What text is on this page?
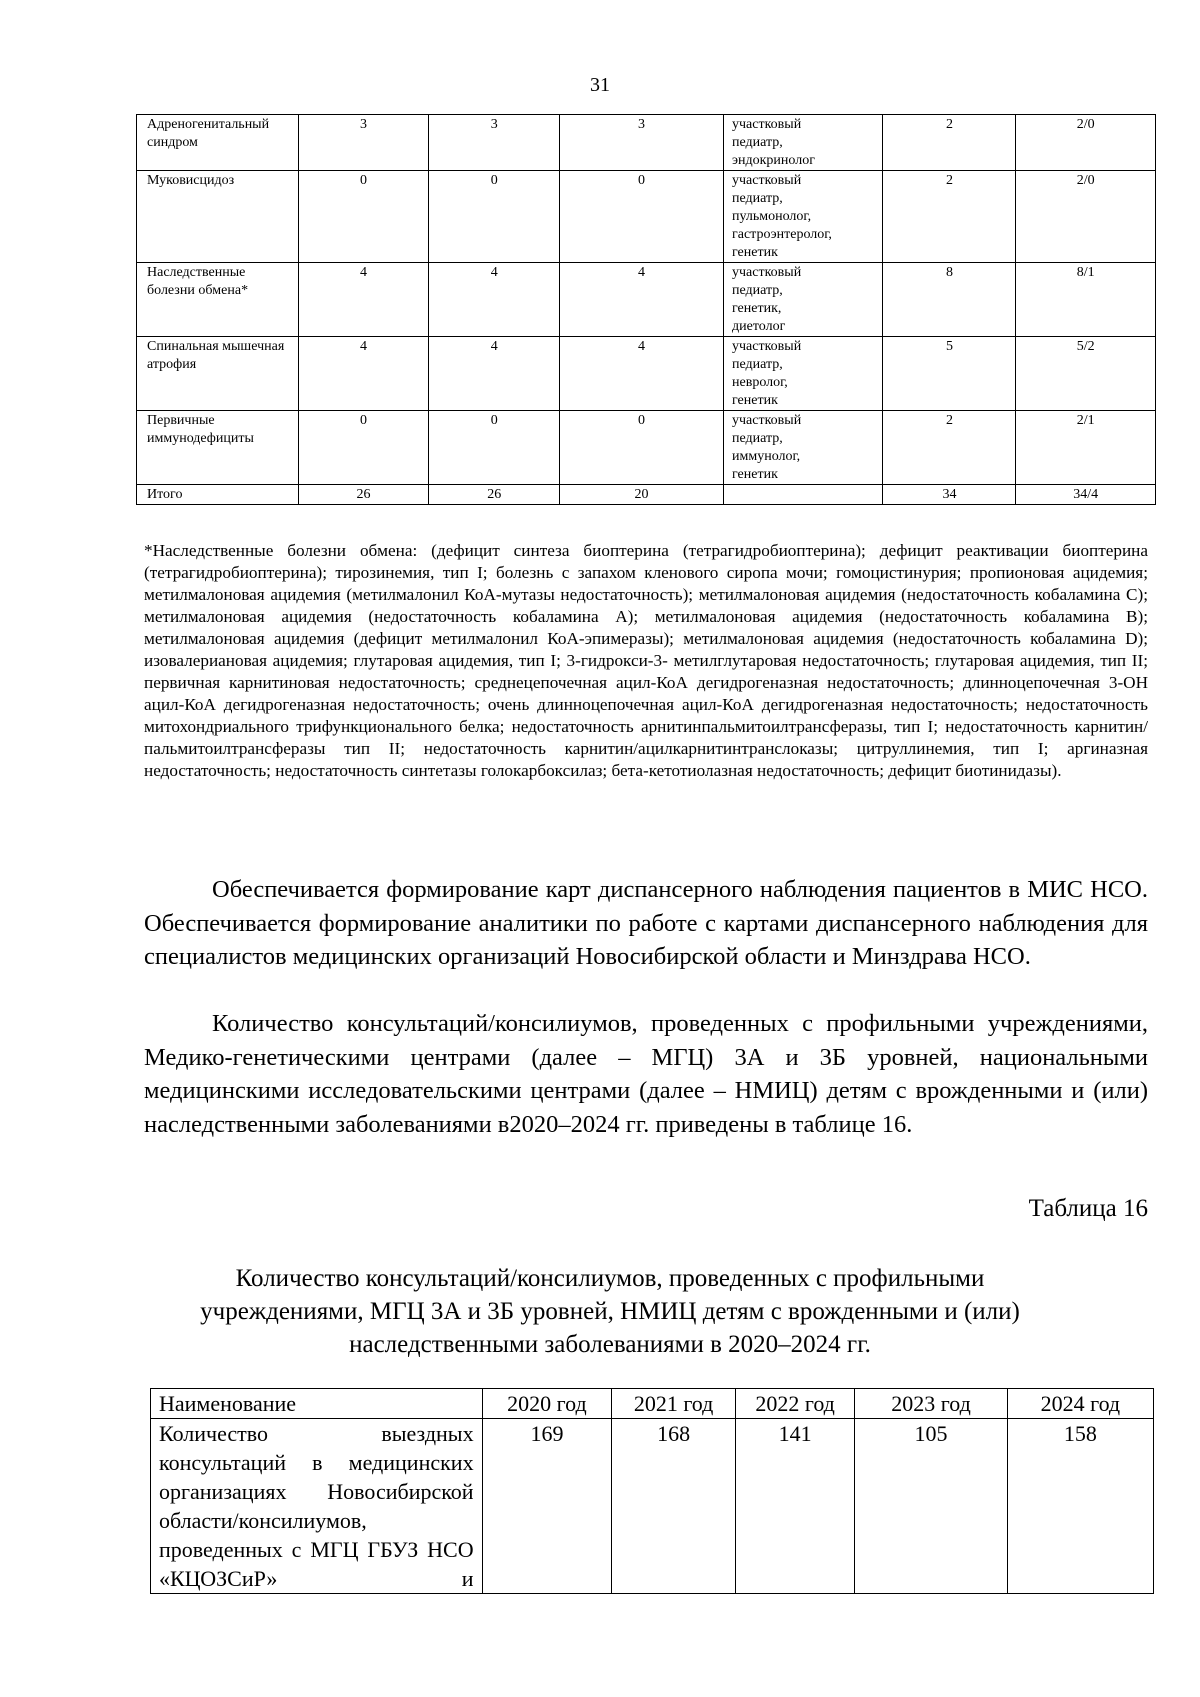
31
Адреногенитальный синдром	3	3	3	участковый
педиатр,
эндокринолог	2	2/0
Муковисцидоз	0	0	0	участковый
педиатр,
пульмонолог,
гастроэнтеролог,
генетик	2	2/0
Наследственные болезни обмена*	4	4	4	участковый
педиатр,
генетик,
диетолог	8	8/1
Спинальная мышечная атрофия	4	4	4	участковый
педиатр,
невролог,
генетик	5	5/2
Первичные иммунодефициты	0	0	0	участковый
педиатр,
иммунолог,
генетик	2	2/1
Итого	26	26	20		34	34/4
*Наследственные болезни обмена: (дефицит синтеза биоптерина (тетрагидробиоптерина); дефицит реактивации биоптерина (тетрагидробиоптерина); тирозинемия, тип I; болезнь с запахом кленового сиропа мочи; гомоцистинурия; пропионовая ацидемия; метилмалоновая ацидемия (метилмалонил КоА-мутазы недостаточность); метилмалоновая ацидемия (недостаточность кобаламина С); метилмалоновая ацидемия (недостаточность кобаламина А); метилмалоновая ацидемия (недостаточность кобаламина В); метилмалоновая ацидемия (дефицит метилмалонил КоА-эпимеразы); метилмалоновая ацидемия (недостаточность кобаламина D); изовалериановая ацидемия; глутаровая ацидемия, тип I; 3-гидрокси-3- метилглутаровая недостаточность; глутаровая ацидемия, тип II; первичная карнитиновая недостаточность; среднецепочечная ацил-КоА дегидрогеназная недостаточность; длинноцепочечная 3-ОН ацил-КоА дегидрогеназная недостаточность; очень длинноцепочечная ацил-КоА дегидрогеназная недостаточность; недостаточность митохондриального трифункционального белка; недостаточность арнитинпальмитоилтрансферазы, тип I; недостаточность карнитин/ пальмитоилтрансферазы тип II; недостаточность карнитин/ацилкарнитинтранслоказы; цитруллинемия, тип I; аргиназная недостаточность; недостаточность синтетазы голокарбоксилаз; бета-кетотиолазная недостаточность; дефицит биотинидазы).

Обеспечивается формирование карт диспансерного наблюдения пациентов в МИС НСО. Обеспечивается формирование аналитики по работе с картами диспансерного наблюдения для специалистов медицинских организаций Новосибирской области и Минздрава НСО.

Количество консультаций/консилиумов, проведенных с профильными учреждениями, Медико-генетическими центрами (далее – МГЦ) 3А и 3Б уровней, национальными медицинскими исследовательскими центрами (далее – НМИЦ) детям с врожденными и (или) наследственными заболеваниями в2020–2024 гг. приведены в таблице 16.

Таблица 16
Количество консультаций/консилиумов, проведенных с профильными учреждениями, МГЦ 3А и 3Б уровней, НМИЦ детям с врожденными и (или) наследственными заболеваниями в 2020–2024 гг.
Наименование	2020 год	2021 год	2022 год	2023 год	2024 год
Количество выездных консультаций в медицинских организациях Новосибирской области/консилиумов, проведенных с МГЦ ГБУЗ НСО «КЦОЗСиР» и	169	168	141	105	158
